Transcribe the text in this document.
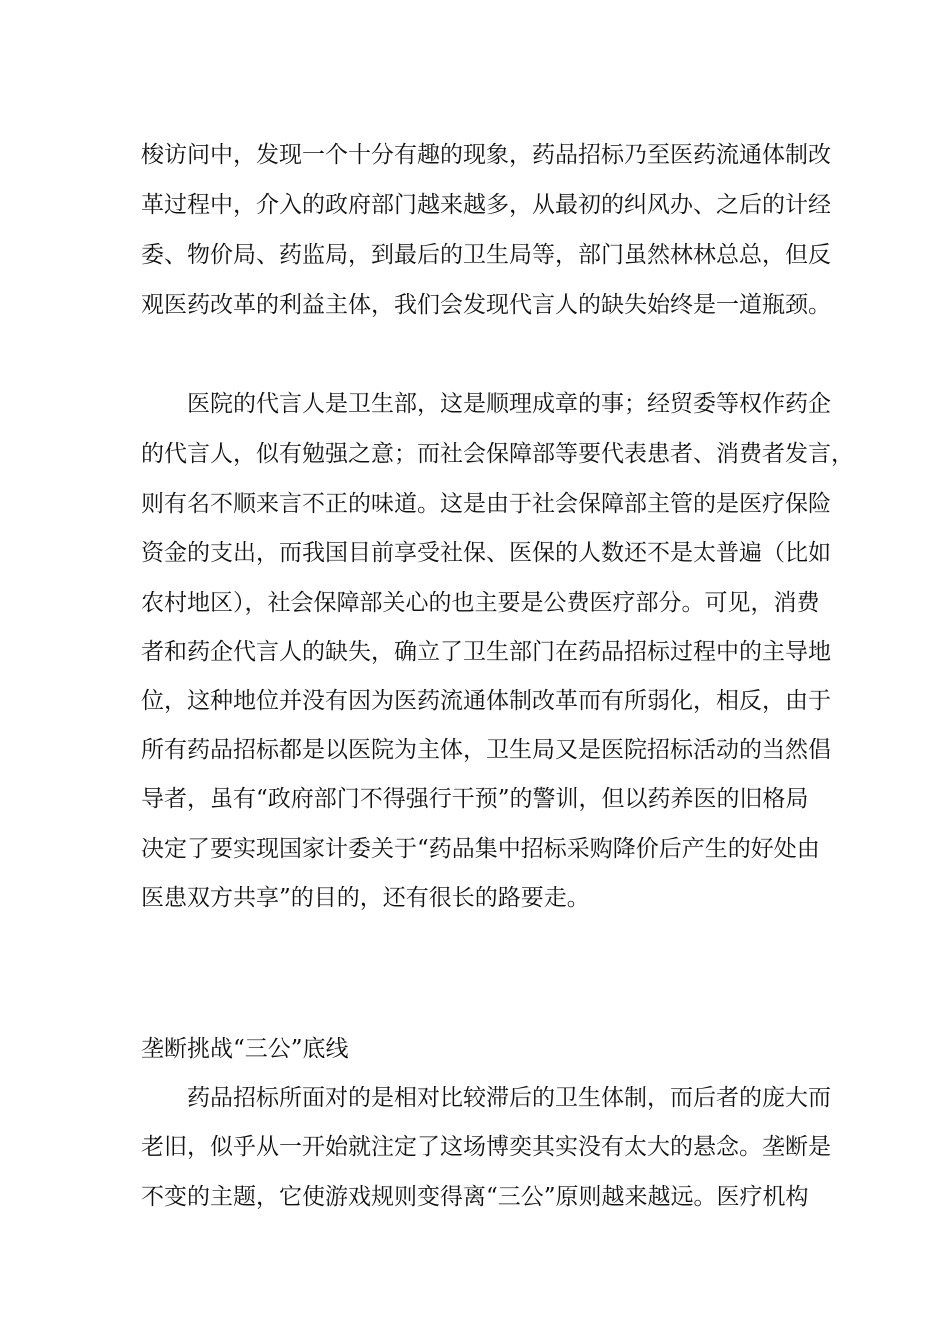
梭访问中，发现一个十分有趣的现象，药品招标乃至医药流通体制改
革过程中，介入的政府部门越来越多，从最初的纠风办、之后的计经
委、物价局、药监局，到最后的卫生局等，部门虽然林林总总，但反
观医药改革的利益主体，我们会发现代言人的缺失始终是一道瓶颈。
医院的代言人是卫生部，这是顺理成章的事；经贸委等权作药企
的代言人，似有勉强之意；而社会保障部等要代表患者、消费者发言，
则有名不顺来言不正的味道。这是由于社会保障部主管的是医疗保险
资金的支出，而我国目前享受社保、医保的人数还不是太普遍（比如
农村地区），社会保障部关心的也主要是公费医疗部分。可见，消费
者和药企代言人的缺失，确立了卫生部门在药品招标过程中的主导地
位，这种地位并没有因为医药流通体制改革而有所弱化，相反，由于
所有药品招标都是以医院为主体，卫生局又是医院招标活动的当然倡
导者，虽有“政府部门不得强行干预”的警训，但以药养医的旧格局
决定了要实现国家计委关于“药品集中招标采购降价后产生的好处由
医患双方共享”的目的，还有很长的路要走。
垄断挑战“三公”底线
药品招标所面对的是相对比较滞后的卫生体制，而后者的庞大而
老旧，似乎从一开始就注定了这场博奕其实没有太大的悬念。垄断是
不变的主题，它使游戏规则变得离“三公”原则越来越远。医疗机构
